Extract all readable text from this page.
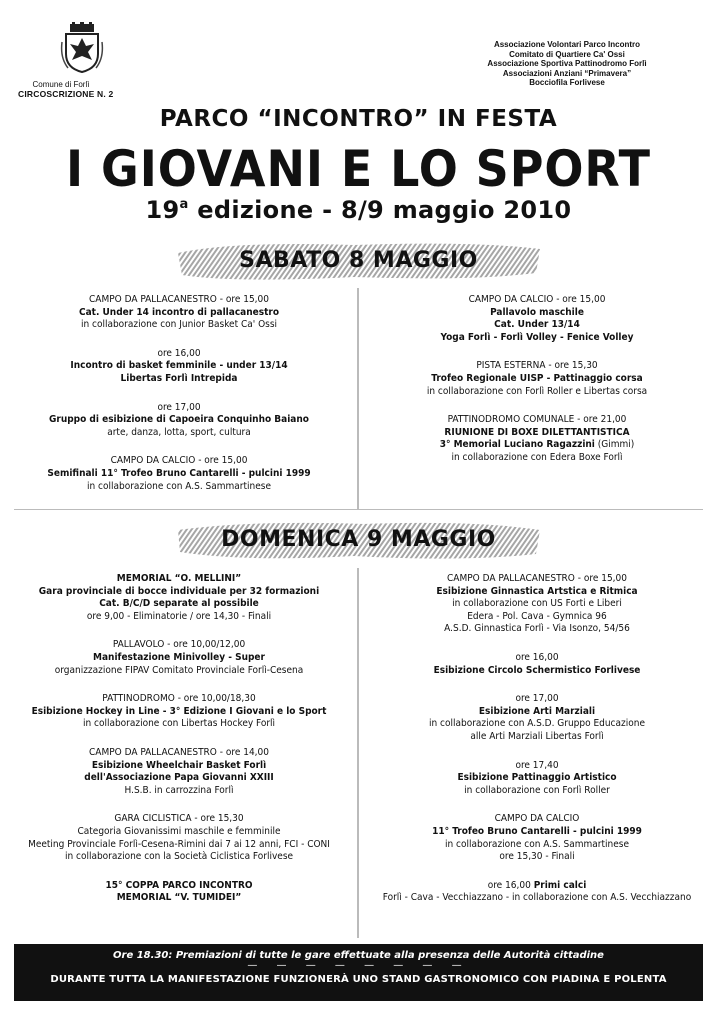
Comune di Forlì
CIRCOSCRIZIONE N. 2
Associazione Volontari Parco Incontro
Comitato di Quartiere Ca' Ossi
Associazione Sportiva Pattinodromo Forlì
Associazioni Anziani “Primavera”
Bocciofila Forlivese
PARCO “INCONTRO” IN FESTA
I GIOVANI E LO SPORT
19$^a$ edizione - 8/9 maggio 2010
SABATO 8 MAGGIO
CAMPO DA PALLACANESTRO - ore 15,00
Cat. Under 14 incontro di pallacanestro
in collaborazione con Junior Basket Ca' Ossi
ore 16,00
Incontro di basket femminile - under 13/14
Libertas Forlì Intrepida
ore 17,00
Gruppo di esibizione di Capoeira Conquinho Baiano
arte, danza, lotta, sport, cultura
CAMPO DA CALCIO - ore 15,00
Semifinali 11° Trofeo Bruno Cantarelli - pulcini 1999
in collaborazione con A.S. Sammartinese
CAMPO DA CALCIO - ore 15,00
Pallavolo maschile
Cat. Under 13/14
Yoga Forlì - Forlì Volley - Fenice Volley
PISTA ESTERNA - ore 15,30
Trofeo Regionale UISP - Pattinaggio corsa
in collaborazione con Forlì Roller e Libertas corsa
PATTINODROMO COMUNALE - ore 21,00
RIUNIONE DI BOXE DILETTANTISTICA
3° Memorial Luciano Ragazzini (Gimmi)
in collaborazione con Edera Boxe Forlì
DOMENICA 9 MAGGIO
MEMORIAL “O. MELLINI”
Gara provinciale di bocce individuale per 32 formazioni
Cat. B/C/D separate al possibile
ore 9,00 - Eliminatorie / ore 14,30 - Finali
PALLAVOLO - ore 10,00/12,00
Manifestazione Minivolley - Super
organizzazione FIPAV Comitato Provinciale Forlì-Cesena
PATTINODROMO - ore 10,00/18,30
Esibizione Hockey in Line - 3° Edizione I Giovani e lo Sport
in collaborazione con Libertas Hockey Forlì
CAMPO DA PALLACANESTRO - ore 14,00
Esibizione Wheelchair Basket Forlì
dell'Associazione Papa Giovanni XXIII
H.S.B. in carrozzina Forlì
GARA CICLISTICA - ore 15,30
Categoria Giovanissimi maschile e femminile
Meeting Provinciale Forlì-Cesena-Rimini dai 7 ai 12 anni, FCI - CONI
in collaborazione con la Società Ciclistica Forlivese
15° COPPA PARCO INCONTRO
MEMORIAL “V. TUMIDEI”
CAMPO DA PALLACANESTRO - ore 15,00
Esibizione Ginnastica Artstica e Ritmica
in collaborazione con US Forti e Liberi
Edera - Pol. Cava - Gymnica 96
A.S.D. Ginnastica Forlì - Via Isonzo, 54/56
ore 16,00
Esibizione Circolo Schermistico Forlivese
ore 17,00
Esibizione Arti Marziali
in collaborazione con A.S.D. Gruppo Educazione
alle Arti Marziali Libertas Forlì
ore 17,40
Esibizione Pattinaggio Artistico
in collaborazione con Forlì Roller
CAMPO DA CALCIO
11° Trofeo Bruno Cantarelli - pulcini 1999
in collaborazione con A.S. Sammartinese
ore 15,30 - Finali
ore 16,00 Primi calci
Forlì - Cava - Vecchiazzano - in collaborazione con A.S. Vecchiazzano
Ore 18.30: Premiazioni di tutte le gare effettuate alla presenza delle Autorità cittadine
— — — — — — — —
DURANTE TUTTA LA MANIFESTAZIONE FUNZIONERÀ UNO STAND GASTRONOMICO CON PIADINA E POLENTA
